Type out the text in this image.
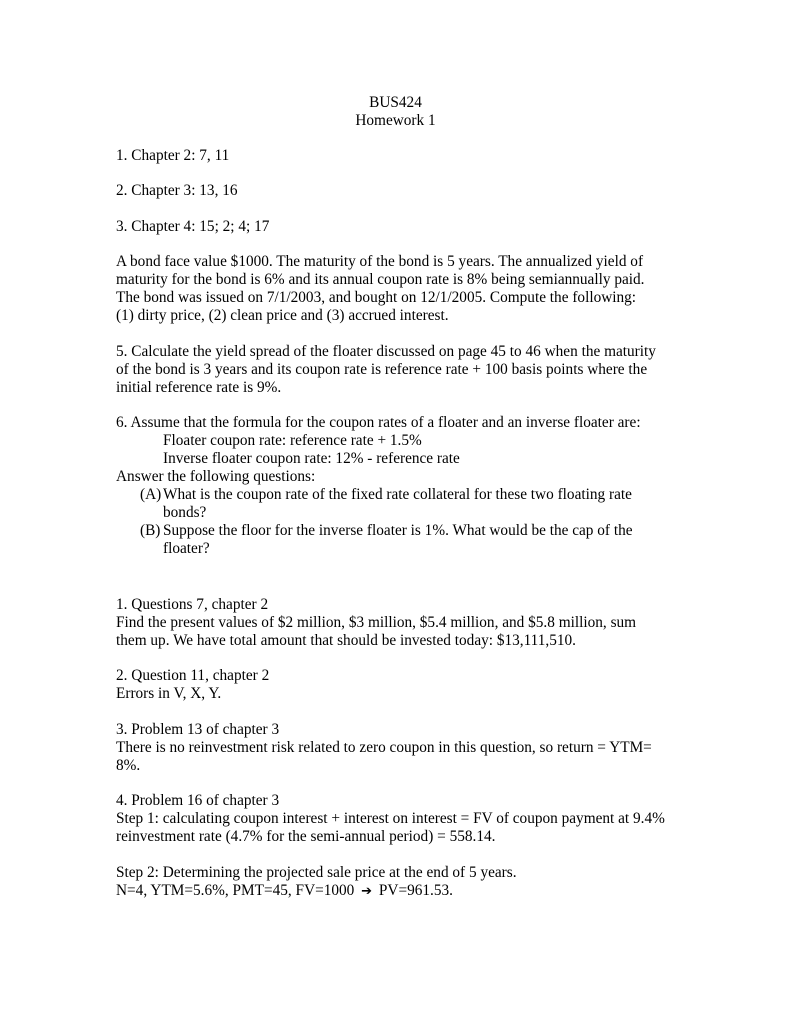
BUS424
Homework 1
1. Chapter 2: 7, 11
2. Chapter 3: 13, 16
3. Chapter 4: 15; 2; 4; 17
A bond face value $1000. The maturity of the bond is 5 years. The annualized yield of
maturity for the bond is 6% and its annual coupon rate is 8% being semiannually paid.
The bond was issued on 7/1/2003, and bought on 12/1/2005. Compute the following:
(1) dirty price, (2) clean price and (3) accrued interest.
5. Calculate the yield spread of the floater discussed on page 45 to 46 when the maturity
of the bond is 3 years and its coupon rate is reference rate + 100 basis points where the
initial reference rate is 9%.
6. Assume that the formula for the coupon rates of a floater and an inverse floater are:
Floater coupon rate: reference rate + 1.5%
Inverse floater coupon rate: 12% - reference rate
Answer the following questions:
(A) What is the coupon rate of the fixed rate collateral for these two floating rate
bonds?
(B) Suppose the floor for the inverse floater is 1%. What would be the cap of the
floater?
1. Questions 7, chapter 2
Find the present values of $2 million, $3 million, $5.4 million, and $5.8 million, sum
them up. We have total amount that should be invested today: $13,111,510.
2. Question 11, chapter 2
Errors in V, X, Y.
3. Problem 13 of chapter 3
There is no reinvestment risk related to zero coupon in this question, so return = YTM=
8%.
4. Problem 16 of chapter 3
Step 1: calculating coupon interest + interest on interest = FV of coupon payment at 9.4%
reinvestment rate (4.7% for the semi-annual period) = 558.14.
Step 2: Determining the projected sale price at the end of 5 years.
N=4, YTM=5.6%, PMT=45, FV=1000 ➔ PV=961.53.
